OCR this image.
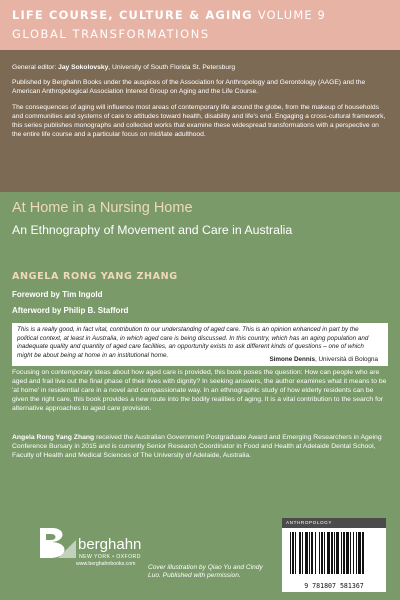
LIFE COURSE, CULTURE & AGING VOLUME 9
GLOBAL TRANSFORMATIONS

General editor: Jay Sokolovsky, University of South Florida St. Petersburg

Published by Berghahn Books under the auspices of the Association for Anthropology and Gerontology (AAGE) and the American Anthropological Association Interest Group on Aging and the Life Course.

The consequences of aging will influence most areas of contemporary life around the globe, from the makeup of households and communities and systems of care to attitudes toward health, disability and life's end. Engaging a cross-cultural framework, this series publishes monographs and collected works that examine these widespread transformations with a perspective on the entire life course and a particular focus on mid/late adulthood.

At Home in a Nursing Home
An Ethnography of Movement and Care in Australia
ANGELA RONG YANG ZHANG
Foreword by Tim Ingold
Afterword by Philip B. Stafford

This is a really good, in fact vital, contribution to our understanding of aged care. This is an opinion enhanced in part by the political context, at least in Australia, in which aged care is being discussed. In this country, which has an aging population and inadequate quality and quantity of aged care facilities, an opportunity exists to ask different kinds of questions – one of which might be about being at home in an institutional home.

Simone Dennis, Università di Bologna

Focusing on contemporary ideas about how aged care is provided, this book poses the question: How can people who are aged and frail live out the final phase of their lives with dignity? In seeking answers, the author examines what it means to be 'at home' in residential care in a novel and compassionate way. In an ethnographic study of how elderly residents can be given the right care, this book provides a new route into the bodily realities of aging. It is a vital contribution to the search for alternative approaches to aged care provision.

Angela Rong Yang Zhang received the Australian Government Postgraduate Award and Emerging Researchers in Ageing Conference Bursary in 2015 and is currently Senior Research Coordinator in Food and Health at Adelaide Dental School, Faculty of Health and Medical Sciences of The University of Adelaide, Australia.

berghahn
NEW YORK • OXFORD
www.berghahnbooks.com Cover illustration by Qiao Yu and Cindy Luo. Published with permission.

ANTHROPOLOGY
9 781807 581367
